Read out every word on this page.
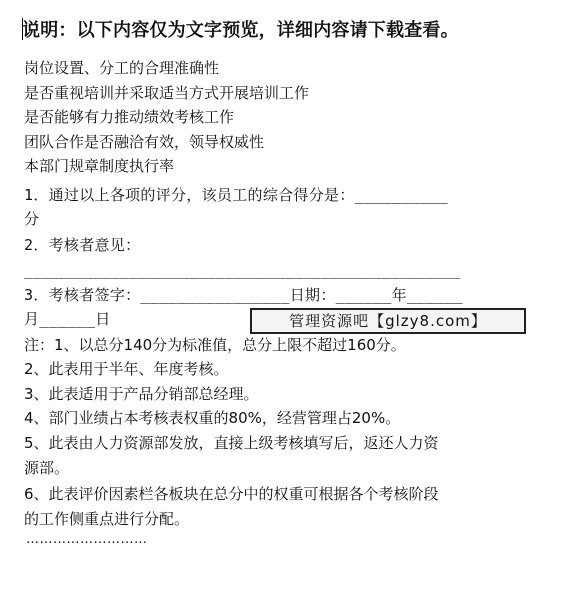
说明：以下内容仅为文字预览，详细内容请下载查看。
岗位设置、分工的合理准确性
是否重视培训并采取适当方式开展培训工作
是否能够有力推动绩效考核工作
团队合作是否融洽有效，领导权威性
本部门规章制度执行率
1．通过以上各项的评分，该员工的综合得分是：__________
分
2．考核者意见：
__________________________________________________
3．考核者签字：________________日期：______年______
月______日
注：1、以总分140分为标准值，总分上限不超过160分。
2、此表用于半年、年度考核。
3、此表适用于产品分销部总经理。
4、部门业绩占本考核表权重的80%，经营管理占20%。
5、此表由人力资源部发放，直接上级考核填写后，返还人力资
源部。
6、此表评价因素栏各板块在总分中的权重可根据各个考核阶段
的工作侧重点进行分配。
管理资源吧【glzy8.com】
………………………
